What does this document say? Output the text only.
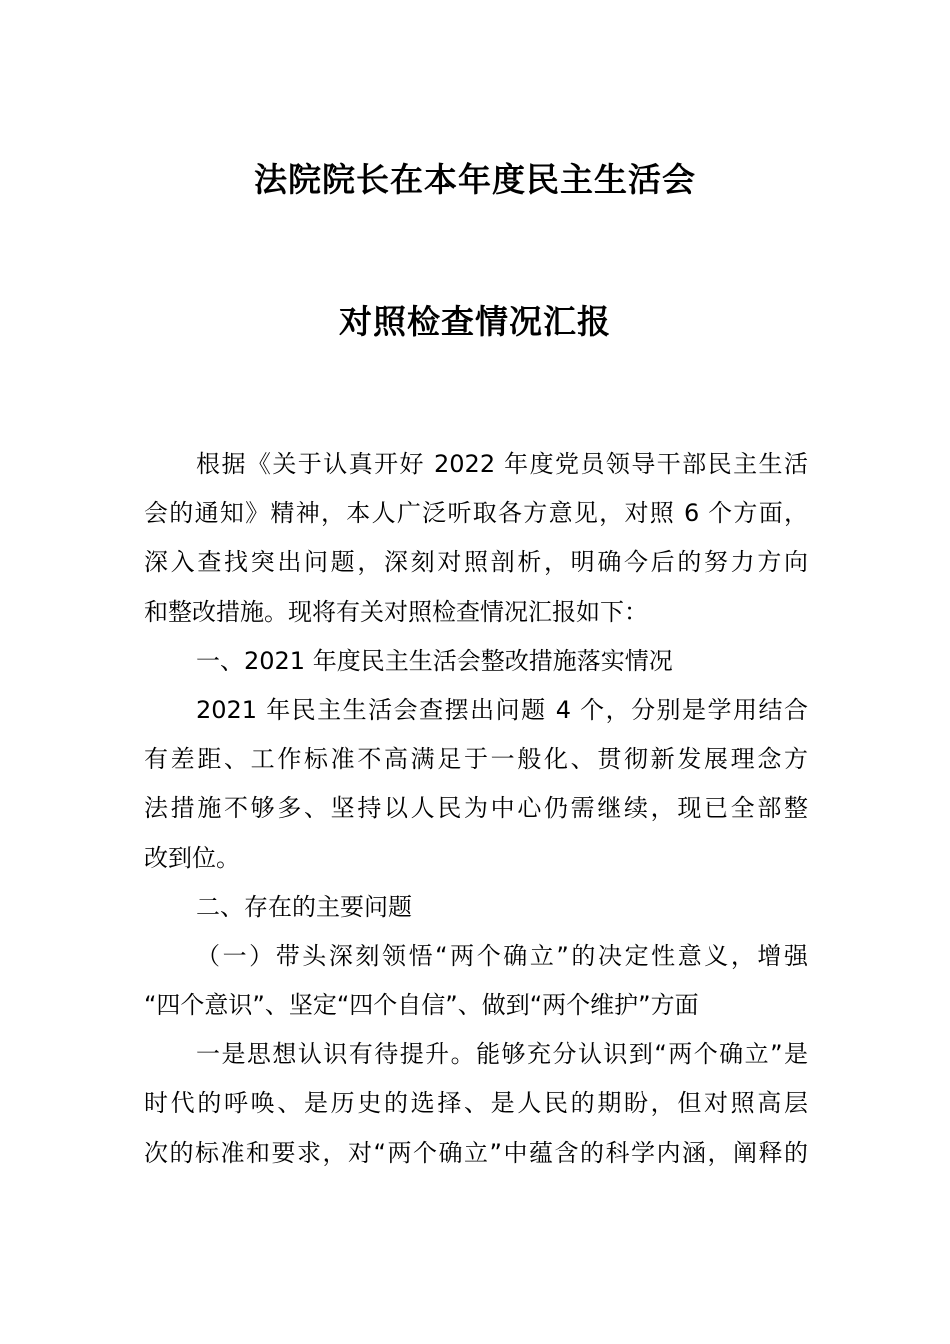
法院院长在本年度民主生活会
对照检查情况汇报
根据《关于认真开好 2022 年度党员领导干部民主生活
会的通知》精神，本人广泛听取各方意见，对照 6 个方面，
深入查找突出问题，深刻对照剖析，明确今后的努力方向
和整改措施。现将有关对照检查情况汇报如下：
一、2021 年度民主生活会整改措施落实情况
2021 年民主生活会查摆出问题 4 个，分别是学用结合
有差距、工作标准不高满足于一般化、贯彻新发展理念方
法措施不够多、坚持以人民为中心仍需继续，现已全部整
改到位。
二、存在的主要问题
（一）带头深刻领悟“两个确立”的决定性意义，增强
“四个意识”、坚定“四个自信”、做到“两个维护”方面
一是思想认识有待提升。能够充分认识到“两个确立”是
时代的呼唤、是历史的选择、是人民的期盼，但对照高层
次的标准和要求，对“两个确立”中蕴含的科学内涵，阐释的
